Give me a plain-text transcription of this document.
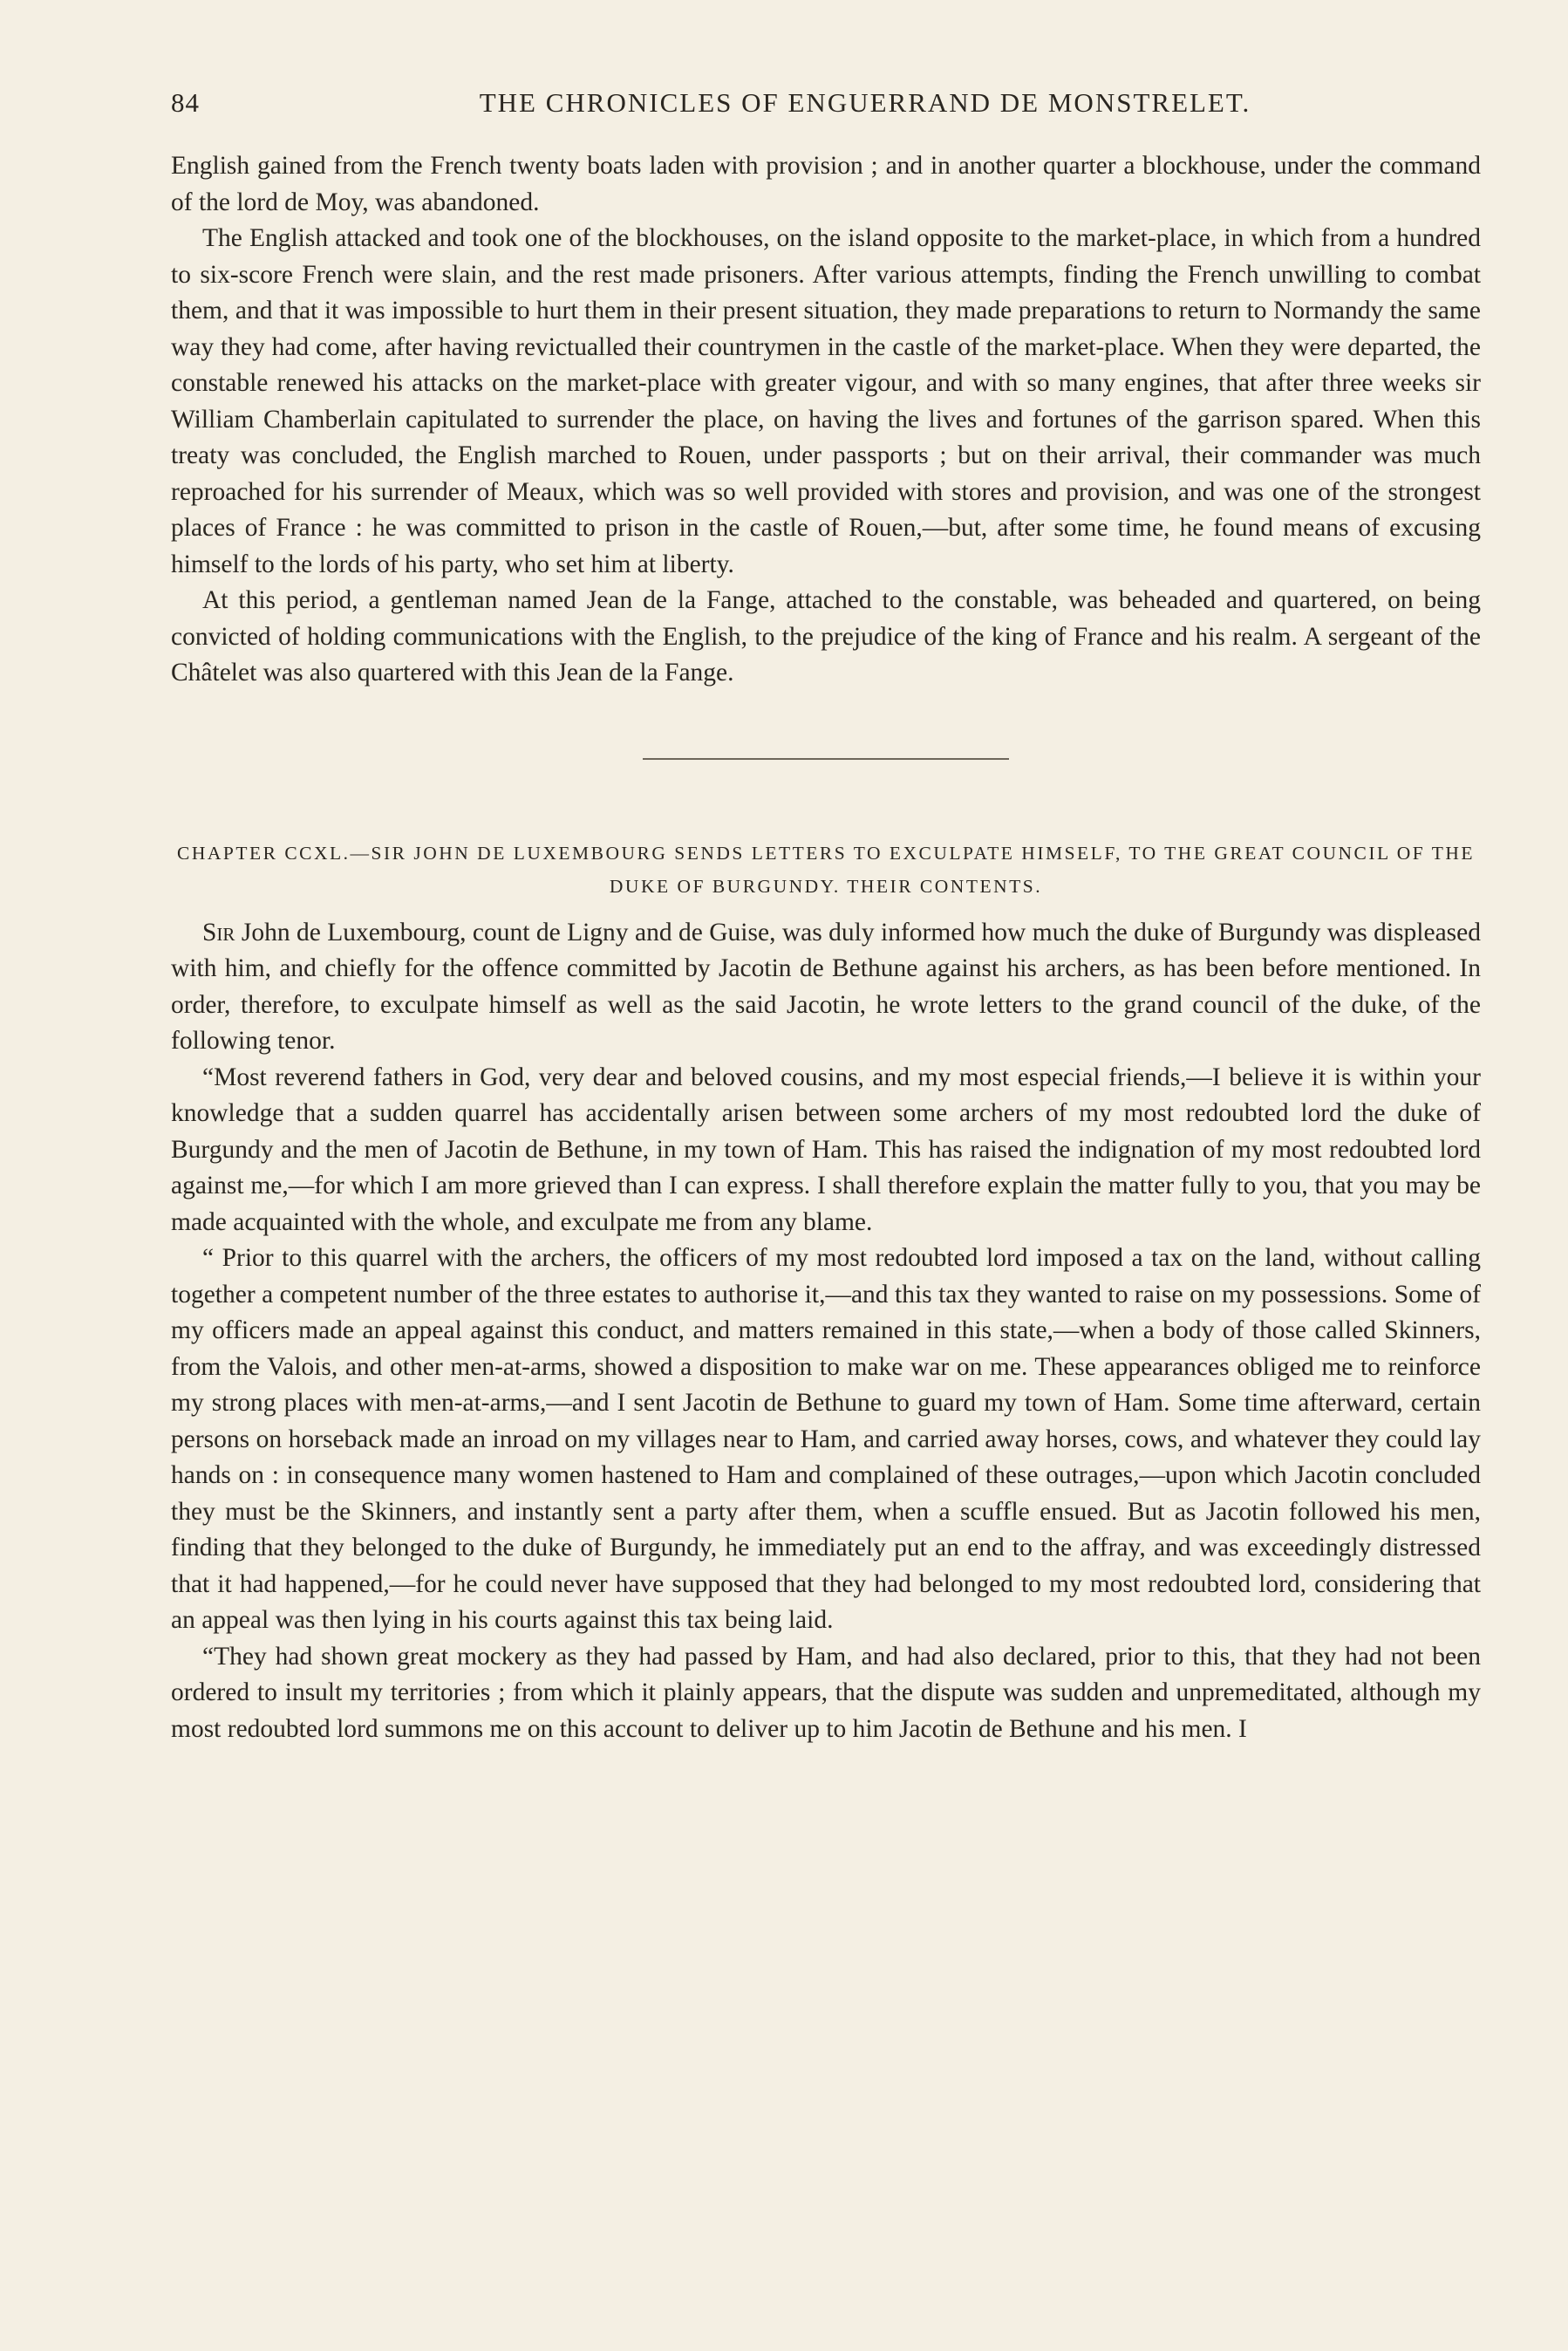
84	THE CHRONICLES OF ENGUERRAND DE MONSTRELET.

English gained from the French twenty boats laden with provision ; and in another quarter a blockhouse, under the command of the lord de Moy, was abandoned.

The English attacked and took one of the blockhouses, on the island opposite to the market-place, in which from a hundred to six-score French were slain, and the rest made prisoners. After various attempts, finding the French unwilling to combat them, and that it was impossible to hurt them in their present situation, they made preparations to return to Normandy the same way they had come, after having revictualled their countrymen in the castle of the market-place. When they were departed, the constable renewed his attacks on the market-place with greater vigour, and with so many engines, that after three weeks sir William Chamberlain capitulated to surrender the place, on having the lives and fortunes of the garrison spared. When this treaty was concluded, the English marched to Rouen, under passports ; but on their arrival, their commander was much reproached for his surrender of Meaux, which was so well provided with stores and provision, and was one of the strongest places of France : he was committed to prison in the castle of Rouen,—but, after some time, he found means of excusing himself to the lords of his party, who set him at liberty.

At this period, a gentleman named Jean de la Fange, attached to the constable, was beheaded and quartered, on being convicted of holding communications with the English, to the prejudice of the king of France and his realm. A sergeant of the Châtelet was also quartered with this Jean de la Fange.

CHAPTER CCXL.—SIR JOHN DE LUXEMBOURG SENDS LETTERS TO EXCULPATE HIMSELF, TO THE GREAT COUNCIL OF THE DUKE OF BURGUNDY. THEIR CONTENTS.

Sir John de Luxembourg, count de Ligny and de Guise, was duly informed how much the duke of Burgundy was displeased with him, and chiefly for the offence committed by Jacotin de Bethune against his archers, as has been before mentioned. In order, therefore, to exculpate himself as well as the said Jacotin, he wrote letters to the grand council of the duke, of the following tenor.

“Most reverend fathers in God, very dear and beloved cousins, and my most especial friends,—I believe it is within your knowledge that a sudden quarrel has accidentally arisen between some archers of my most redoubted lord the duke of Burgundy and the men of Jacotin de Bethune, in my town of Ham. This has raised the indignation of my most redoubted lord against me,—for which I am more grieved than I can express. I shall therefore explain the matter fully to you, that you may be made acquainted with the whole, and exculpate me from any blame.

“ Prior to this quarrel with the archers, the officers of my most redoubted lord imposed a tax on the land, without calling together a competent number of the three estates to authorise it,—and this tax they wanted to raise on my possessions. Some of my officers made an appeal against this conduct, and matters remained in this state,—when a body of those called Skinners, from the Valois, and other men-at-arms, showed a disposition to make war on me. These appearances obliged me to reinforce my strong places with men-at-arms,—and I sent Jacotin de Bethune to guard my town of Ham. Some time afterward, certain persons on horseback made an inroad on my villages near to Ham, and carried away horses, cows, and whatever they could lay hands on : in consequence many women hastened to Ham and complained of these outrages,—upon which Jacotin concluded they must be the Skinners, and instantly sent a party after them, when a scuffle ensued. But as Jacotin followed his men, finding that they belonged to the duke of Burgundy, he immediately put an end to the affray, and was exceedingly distressed that it had happened,—for he could never have supposed that they had belonged to my most redoubted lord, considering that an appeal was then lying in his courts against this tax being laid.

“They had shown great mockery as they had passed by Ham, and had also declared, prior to this, that they had not been ordered to insult my territories ; from which it plainly appears, that the dispute was sudden and unpremeditated, although my most redoubted lord summons me on this account to deliver up to him Jacotin de Bethune and his men. I
